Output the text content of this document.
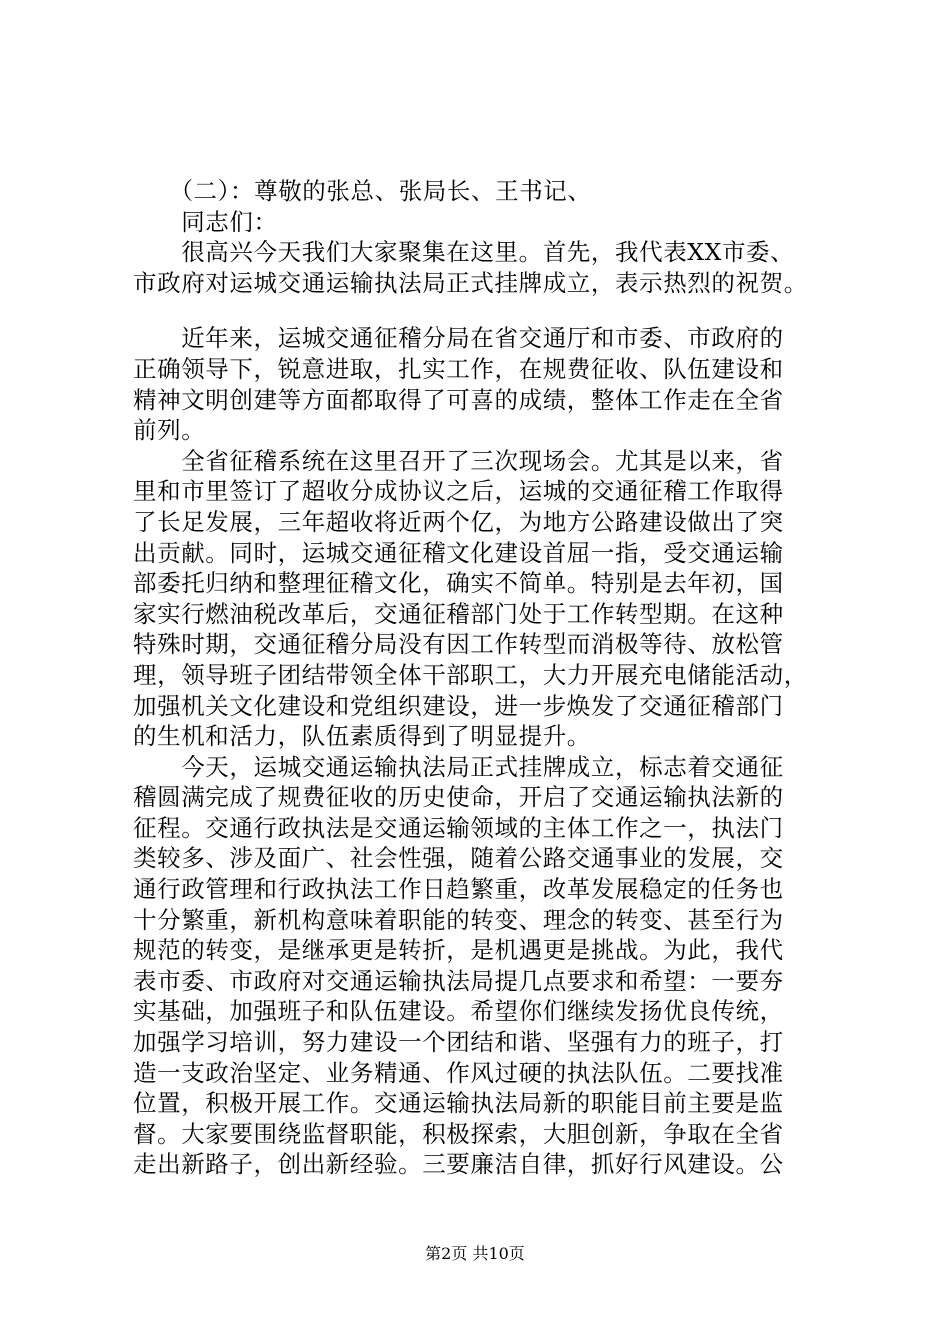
　　（二）：尊敬的张总、张局长、王书记、
　　同志们：
　　很高兴今天我们大家聚集在这里。首先，我代表XX市委、
市政府对运城交通运输执法局正式挂牌成立，表示热烈的祝贺。
　　近年来，运城交通征稽分局在省交通厅和市委、市政府的
正确领导下，锐意进取，扎实工作，在规费征收、队伍建设和
精神文明创建等方面都取得了可喜的成绩，整体工作走在全省
前列。
　　全省征稽系统在这里召开了三次现场会。尤其是以来，省
里和市里签订了超收分成协议之后，运城的交通征稽工作取得
了长足发展，三年超收将近两个亿，为地方公路建设做出了突
出贡献。同时，运城交通征稽文化建设首屈一指，受交通运输
部委托归纳和整理征稽文化，确实不简单。特别是去年初，国
家实行燃油税改革后，交通征稽部门处于工作转型期。在这种
特殊时期，交通征稽分局没有因工作转型而消极等待、放松管
理，领导班子团结带领全体干部职工，大力开展充电储能活动，
加强机关文化建设和党组织建设，进一步焕发了交通征稽部门
的生机和活力，队伍素质得到了明显提升。
　　今天，运城交通运输执法局正式挂牌成立，标志着交通征
稽圆满完成了规费征收的历史使命，开启了交通运输执法新的
征程。交通行政执法是交通运输领域的主体工作之一，执法门
类较多、涉及面广、社会性强，随着公路交通事业的发展，交
通行政管理和行政执法工作日趋繁重，改革发展稳定的任务也
十分繁重，新机构意味着职能的转变、理念的转变、甚至行为
规范的转变，是继承更是转折，是机遇更是挑战。为此，我代
表市委、市政府对交通运输执法局提几点要求和希望：一要夯
实基础，加强班子和队伍建设。希望你们继续发扬优良传统，
加强学习培训，努力建设一个团结和谐、坚强有力的班子，打
造一支政治坚定、业务精通、作风过硬的执法队伍。二要找准
位置，积极开展工作。交通运输执法局新的职能目前主要是监
督。大家要围绕监督职能，积极探索，大胆创新，争取在全省
走出新路子，创出新经验。三要廉洁自律，抓好行风建设。公
第2页 共10页
